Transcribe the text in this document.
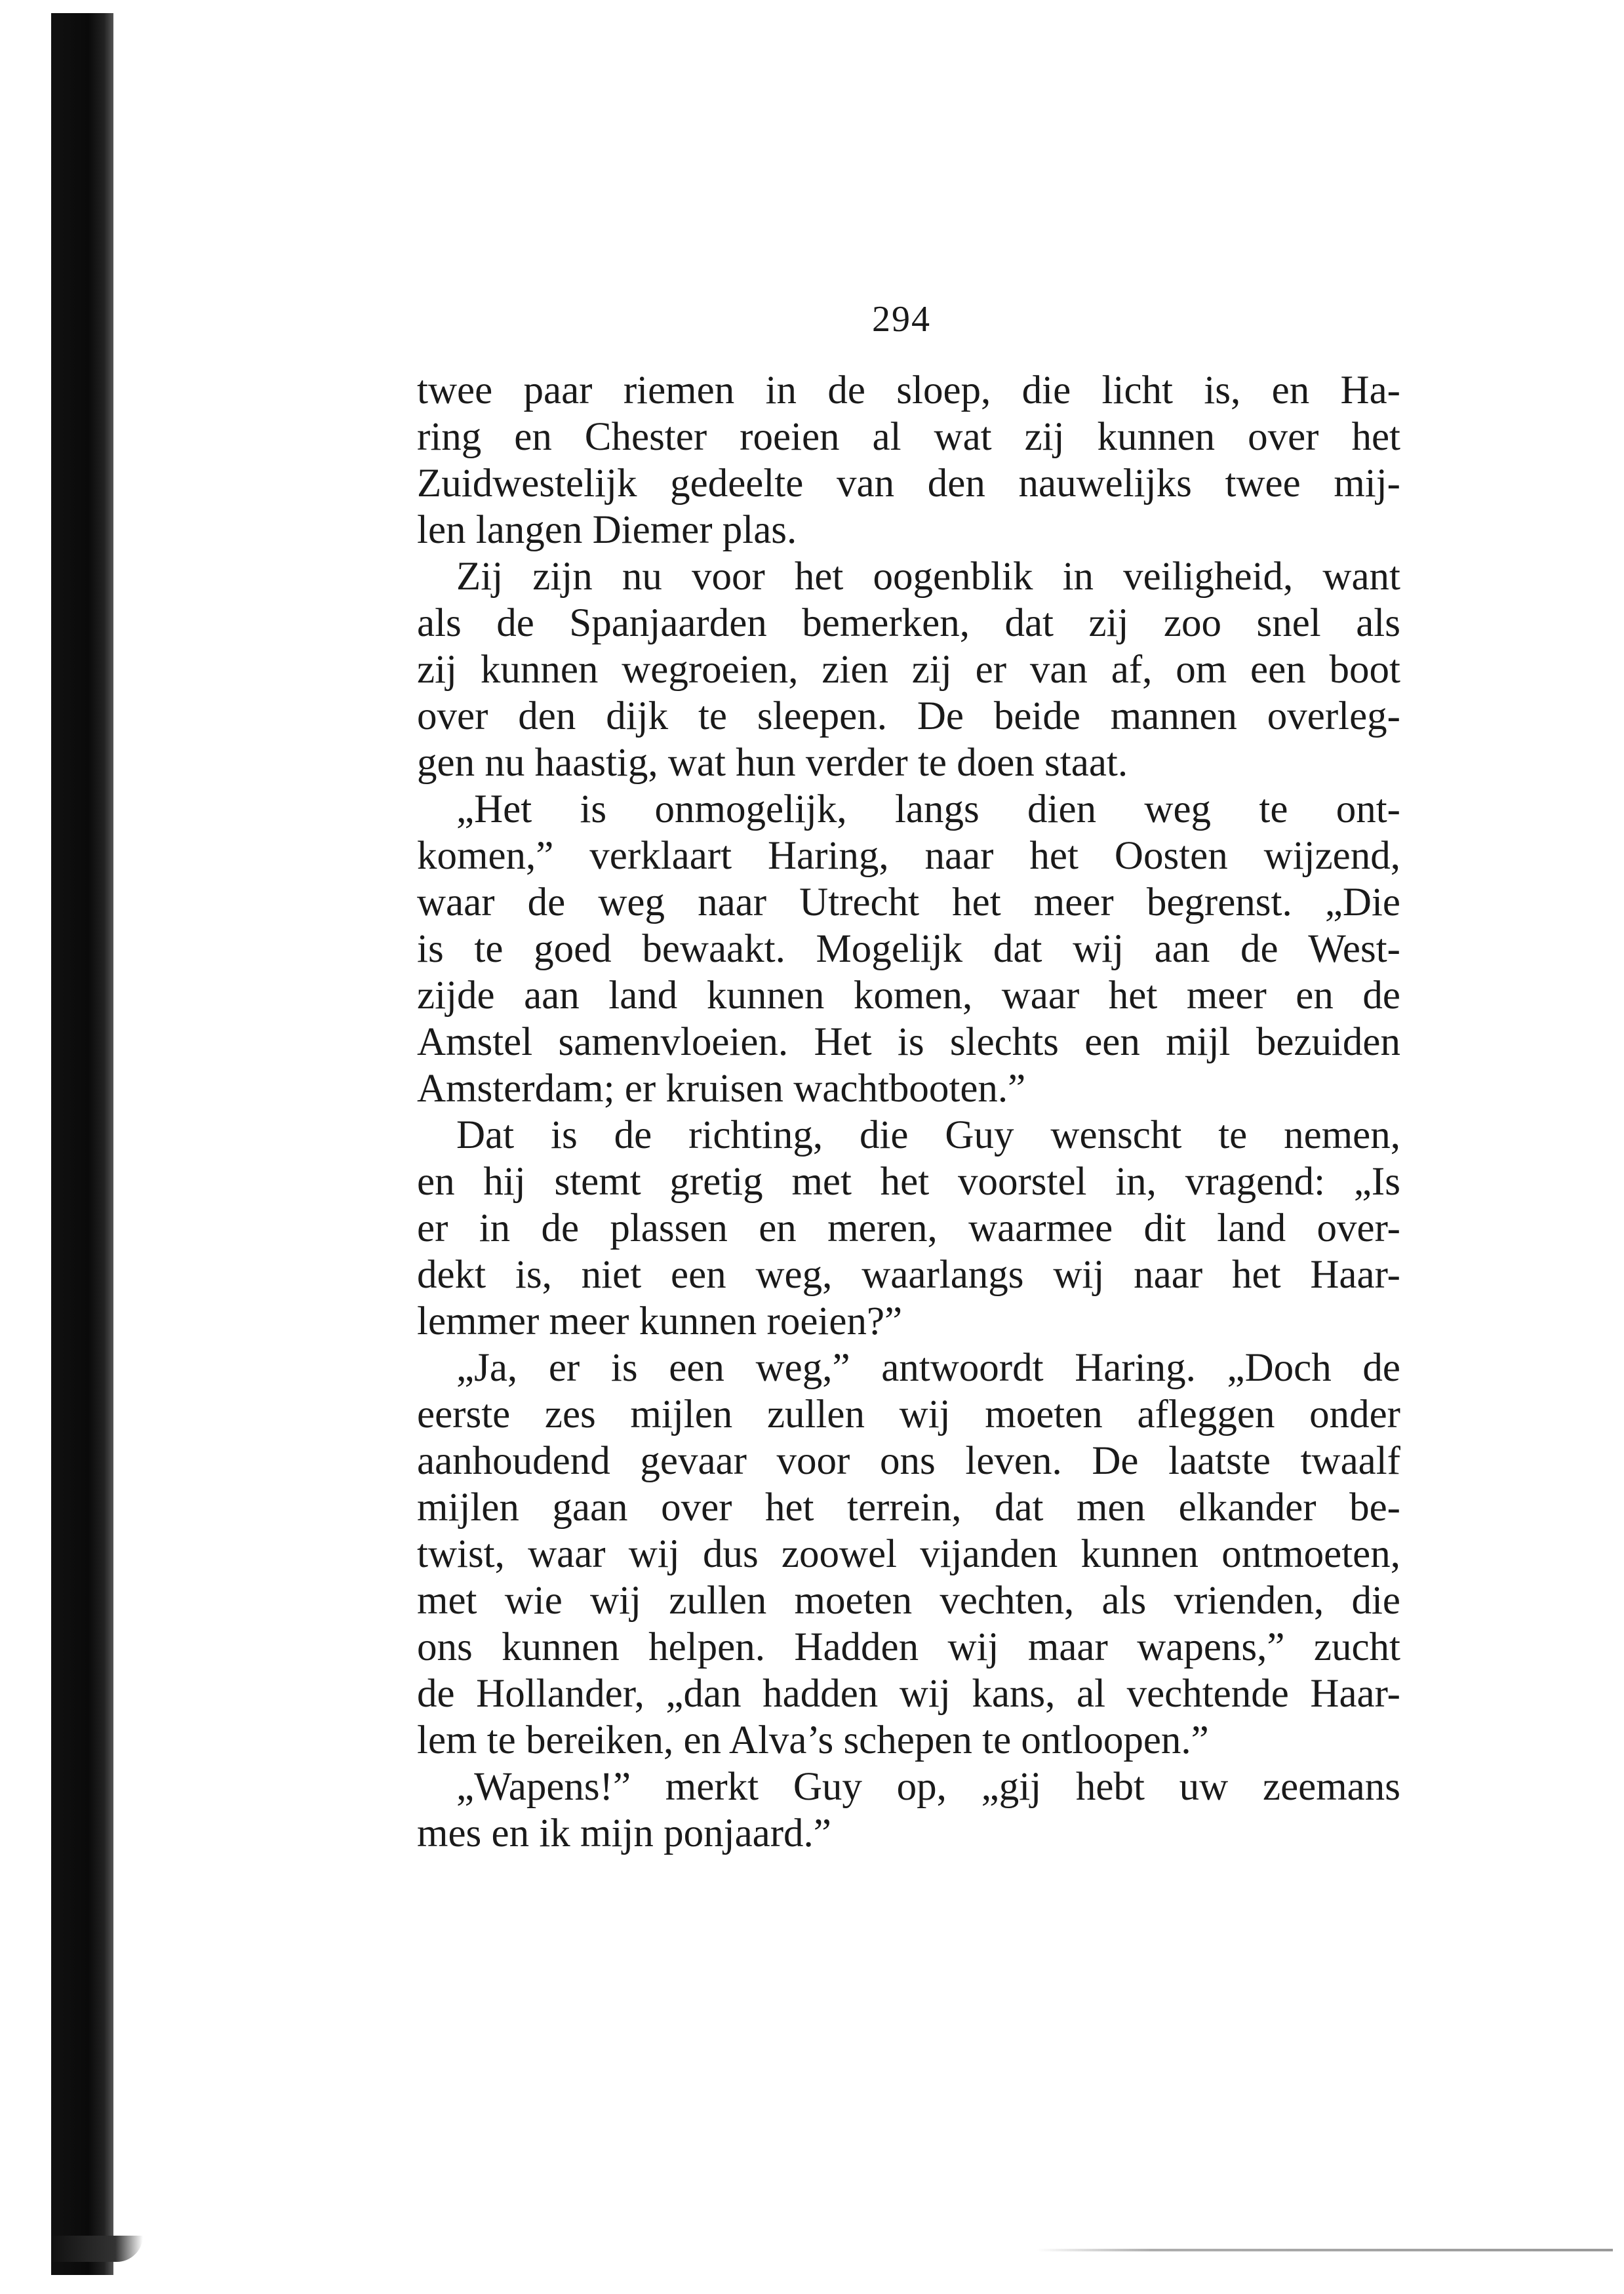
294
twee paar riemen in de sloep, die licht is, en Ha-
ring en Chester roeien al wat zij kunnen over het
Zuidwestelijk gedeelte van den nauwelijks twee mij-
len langen Diemer plas.
Zij zijn nu voor het oogenblik in veiligheid, want
als de Spanjaarden bemerken, dat zij zoo snel als
zij kunnen wegroeien, zien zij er van af, om een boot
over den dijk te sleepen. De beide mannen overleg-
gen nu haastig, wat hun verder te doen staat.
„Het is onmogelijk, langs dien weg te ont-
komen,” verklaart Haring, naar het Oosten wijzend,
waar de weg naar Utrecht het meer begrenst. „Die
is te goed bewaakt. Mogelijk dat wij aan de West-
zijde aan land kunnen komen, waar het meer en de
Amstel samenvloeien. Het is slechts een mijl bezuiden
Amsterdam; er kruisen wachtbooten.”
Dat is de richting, die Guy wenscht te nemen,
en hij stemt gretig met het voorstel in, vragend: „Is
er in de plassen en meren, waarmee dit land over-
dekt is, niet een weg, waarlangs wij naar het Haar-
lemmer meer kunnen roeien?”
„Ja, er is een weg,” antwoordt Haring. „Doch de
eerste zes mijlen zullen wij moeten afleggen onder
aanhoudend gevaar voor ons leven. De laatste twaalf
mijlen gaan over het terrein, dat men elkander be-
twist, waar wij dus zoowel vijanden kunnen ontmoeten,
met wie wij zullen moeten vechten, als vrienden, die
ons kunnen helpen. Hadden wij maar wapens,” zucht
de Hollander, „dan hadden wij kans, al vechtende Haar-
lem te bereiken, en Alva’s schepen te ontloopen.”
„Wapens!” merkt Guy op, „gij hebt uw zeemans
mes en ik mijn ponjaard.”
